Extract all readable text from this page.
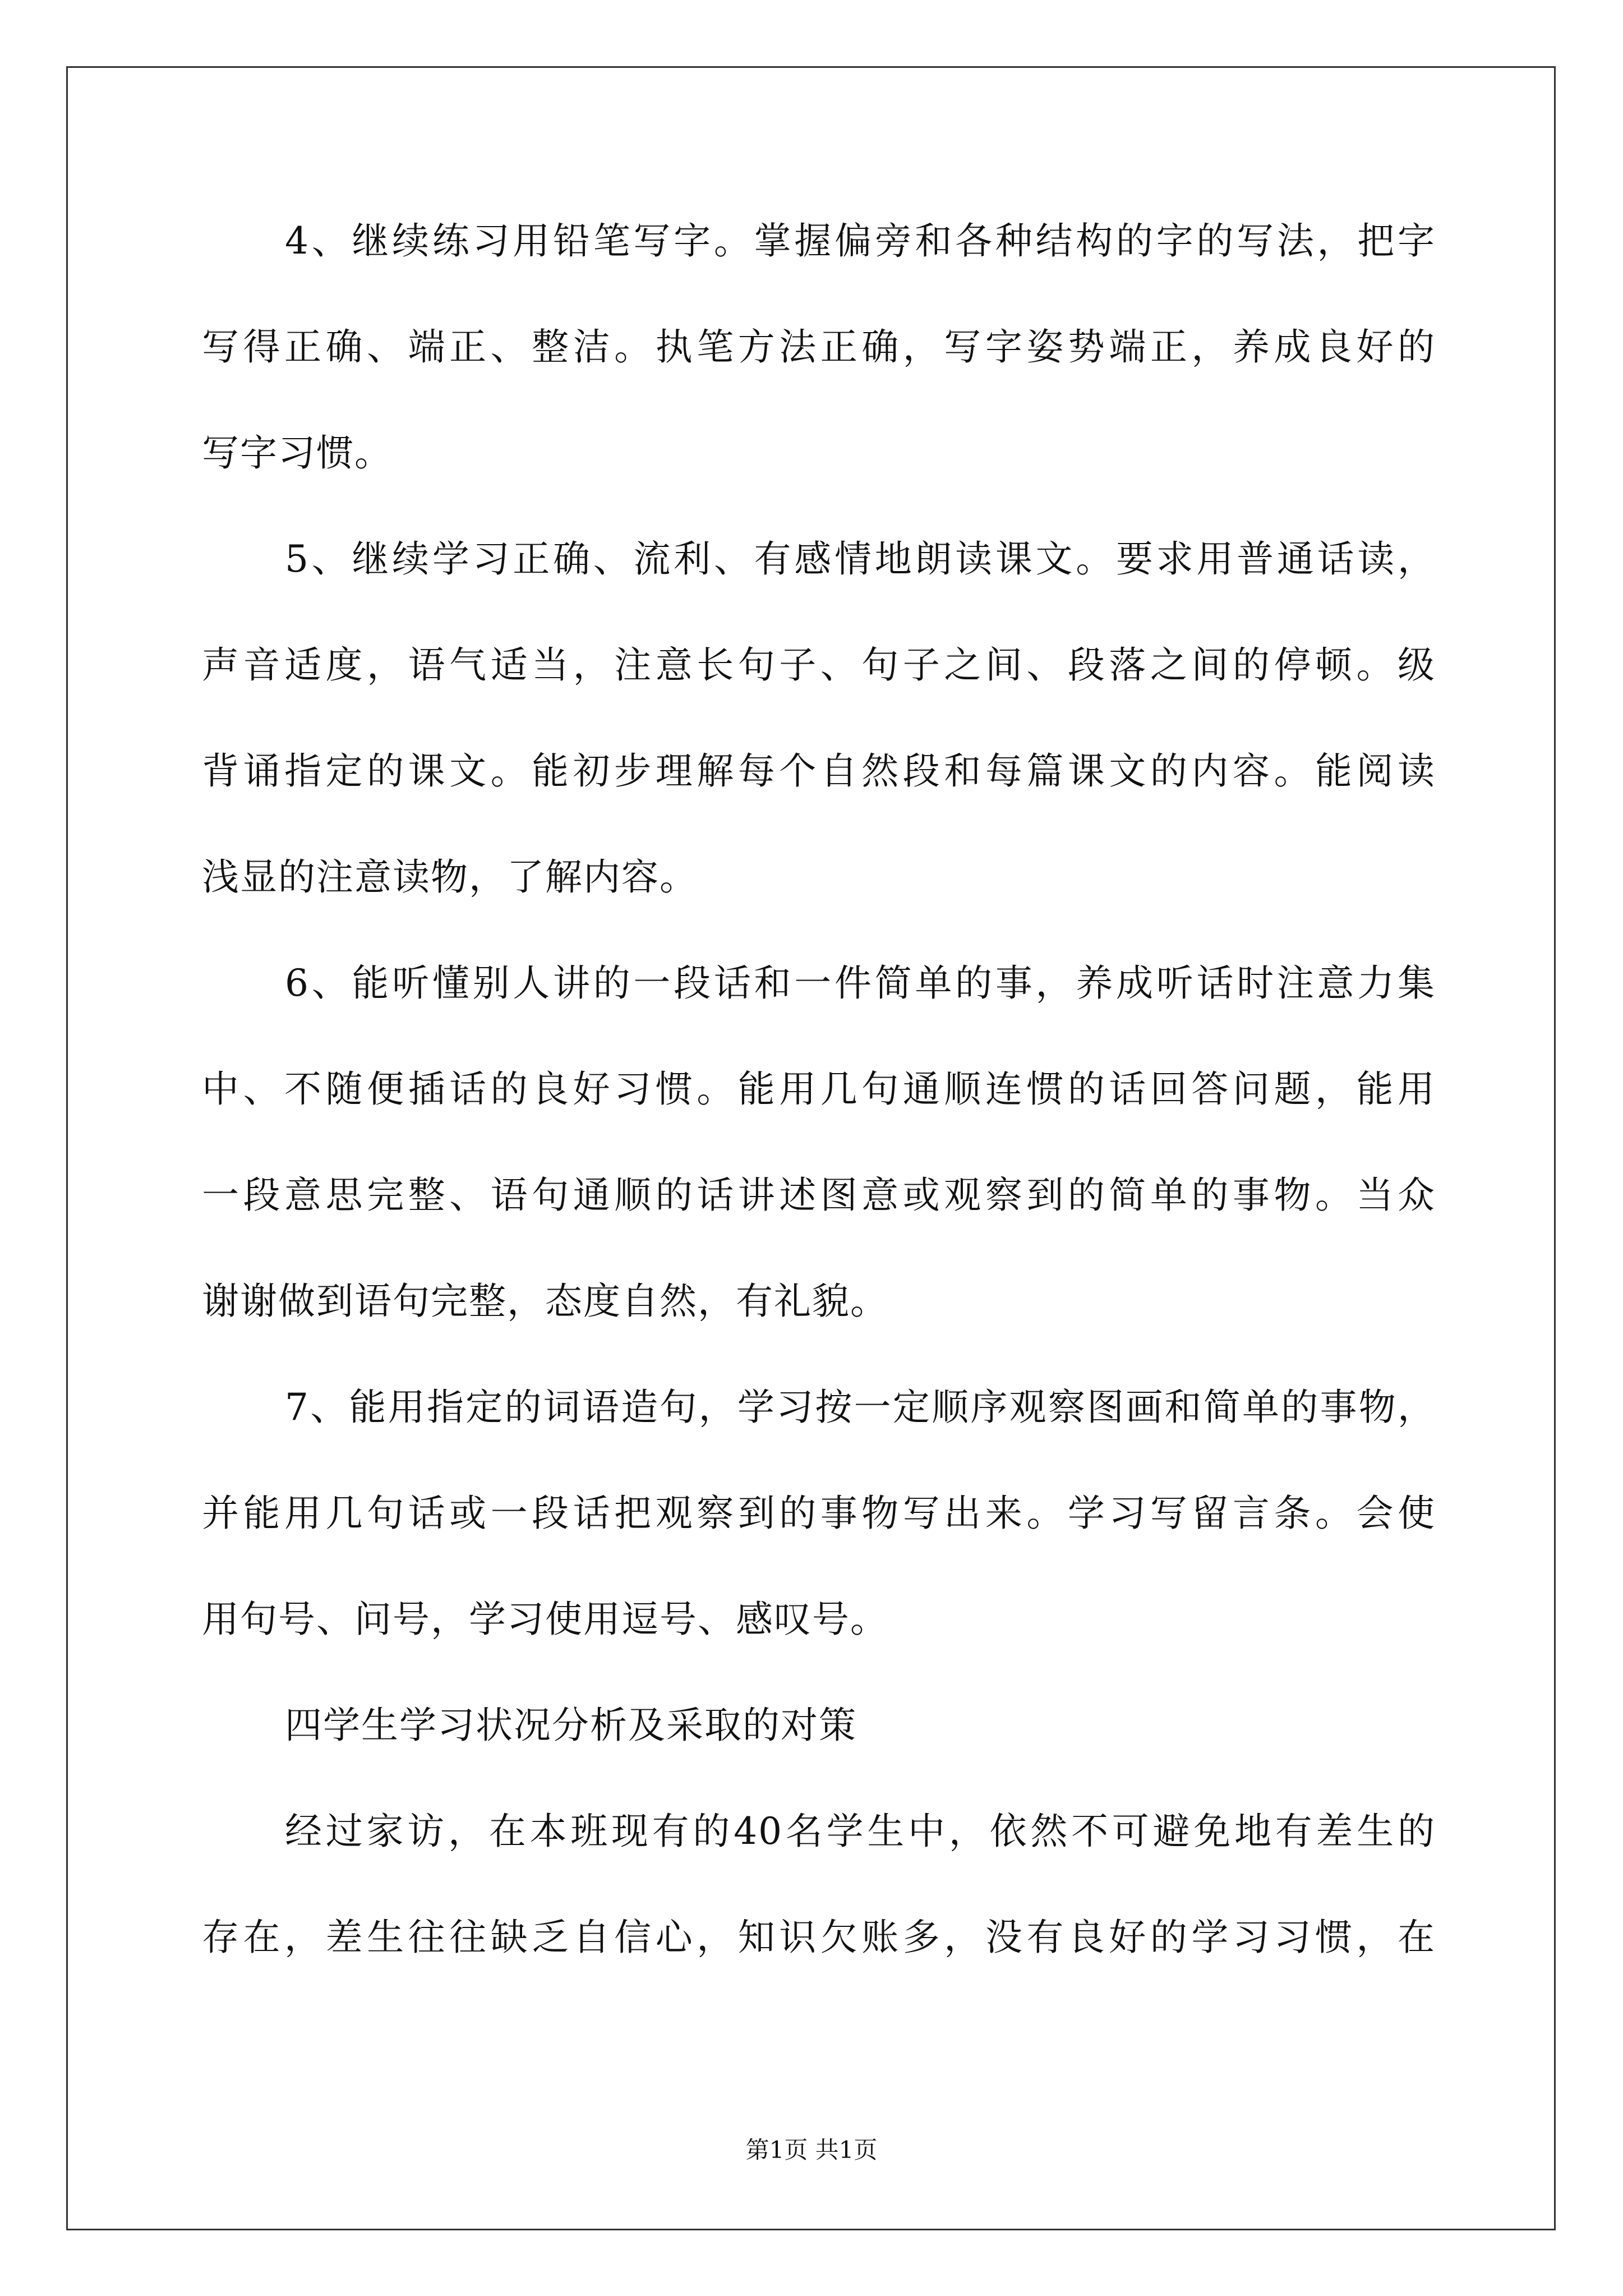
4、继续练习用铅笔写字。掌握偏旁和各种结构的字的写法，把字
写得正确、端正、整洁。执笔方法正确，写字姿势端正，养成良好的
写字习惯。
5、继续学习正确、流利、有感情地朗读课文。要求用普通话读，
声音适度，语气适当，注意长句子、句子之间、段落之间的停顿。级
背诵指定的课文。能初步理解每个自然段和每篇课文的内容。能阅读
浅显的注意读物，了解内容。
6、能听懂别人讲的一段话和一件简单的事，养成听话时注意力集
中、不随便插话的良好习惯。能用几句通顺连惯的话回答问题，能用
一段意思完整、语句通顺的话讲述图意或观察到的简单的事物。当众
谢谢做到语句完整，态度自然，有礼貌。
7、能用指定的词语造句，学习按一定顺序观察图画和简单的事物，
并能用几句话或一段话把观察到的事物写出来。学习写留言条。会使
用句号、问号，学习使用逗号、感叹号。
四学生学习状况分析及采取的对策
经过家访，在本班现有的40名学生中，依然不可避免地有差生的
存在，差生往往缺乏自信心，知识欠账多，没有良好的学习习惯，在
第1页 共1页
